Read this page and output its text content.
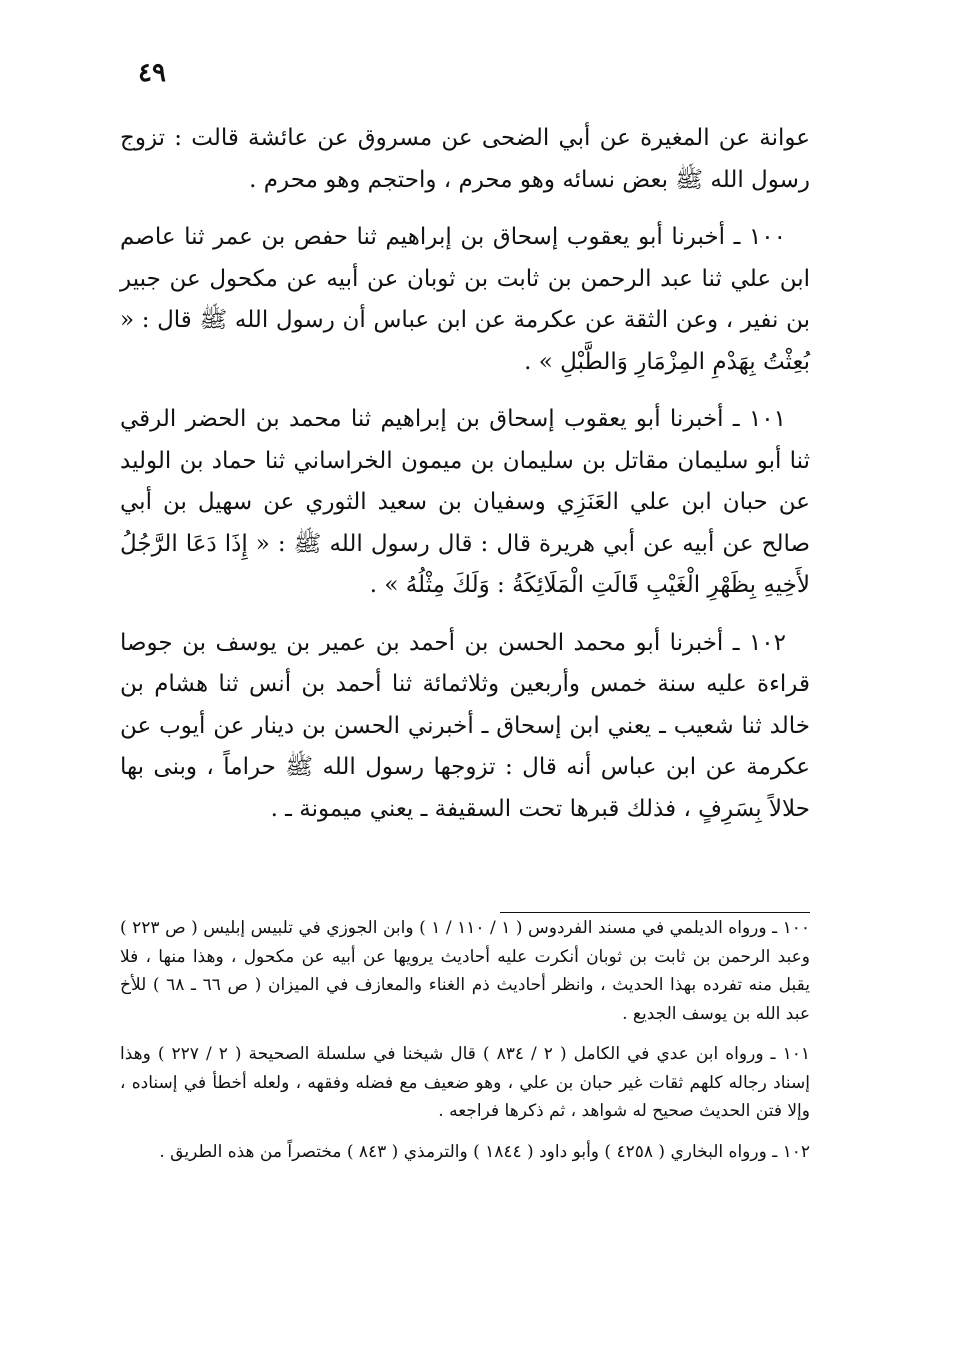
٤٩

عوانة عن المغيرة عن أبي الضحى عن مسروق عن عائشة قالت : تزوج رسول الله ﷺ بعض نسائه وهو محرم ، واحتجم وهو محرم .

١٠٠ ـ أخبرنا أبو يعقوب إسحاق بن إبراهيم ثنا حفص بن عمر ثنا عاصم ابن علي ثنا عبد الرحمن بن ثابت بن ثوبان عن أبيه عن مكحول عن جبير بن نفير ، وعن الثقة عن عكرمة عن ابن عباس أن رسول الله ﷺ قال : « بُعِثْتُ بِهَدْمِ المِزْمَارِ وَالطَّبْلِ » .

١٠١ ـ أخبرنا أبو يعقوب إسحاق بن إبراهيم ثنا محمد بن الحضر الرقي ثنا أبو سليمان مقاتل بن سليمان بن ميمون الخراساني ثنا حماد بن الوليد عن حبان ابن علي العَنَزِي وسفيان بن سعيد الثوري عن سهيل بن أبي صالح عن أبيه عن أبي هريرة قال : قال رسول الله ﷺ : « إِذَا دَعَا الرَّجُلُ لأَخِيهِ بِظَهْرِ الْغَيْبِ قَالَتِ الْمَلَائِكَةُ : وَلَكَ مِثْلُهُ » .

١٠٢ ـ أخبرنا أبو محمد الحسن بن أحمد بن عمير بن يوسف بن جوصا قراءة عليه سنة خمس وأربعين وثلاثمائة ثنا أحمد بن أنس ثنا هشام بن خالد ثنا شعيب ـ يعني ابن إسحاق ـ أخبرني الحسن بن دينار عن أيوب عن عكرمة عن ابن عباس أنه قال : تزوجها رسول الله ﷺ حراماً ، وبنى بها حلالاً بِسَرِفٍ ، فذلك قبرها تحت السقيفة ـ يعني ميمونة ـ .

١٠٠ ـ ورواه الديلمي في مسند الفردوس ( ١ / ١١٠ / ١ ) وابن الجوزي في تلبيس إبليس ( ص ٢٢٣ ) وعبد الرحمن بن ثابت بن ثوبان أنكرت عليه أحاديث يرويها عن أبيه عن مكحول ، وهذا منها ، فلا يقبل منه تفرده بهذا الحديث ، وانظر أحاديث ذم الغناء والمعازف في الميزان ( ص ٦٦ ـ ٦٨ ) للأخ عبد الله بن يوسف الجديع .

١٠١ ـ ورواه ابن عدي في الكامل ( ٢ / ٨٣٤ ) قال شيخنا في سلسلة الصحيحة ( ٢ / ٢٢٧ ) وهذا إسناد رجاله كلهم ثقات غير حبان بن علي ، وهو ضعيف مع فضله وفقهه ، ولعله أخطأ في إسناده ، وإلا فتن الحديث صحيح له شواهد ، ثم ذكرها فراجعه .

١٠٢ ـ ورواه البخاري ( ٤٢٥٨ ) وأبو داود ( ١٨٤٤ ) والترمذي ( ٨٤٣ ) مختصراً من هذه الطريق .
